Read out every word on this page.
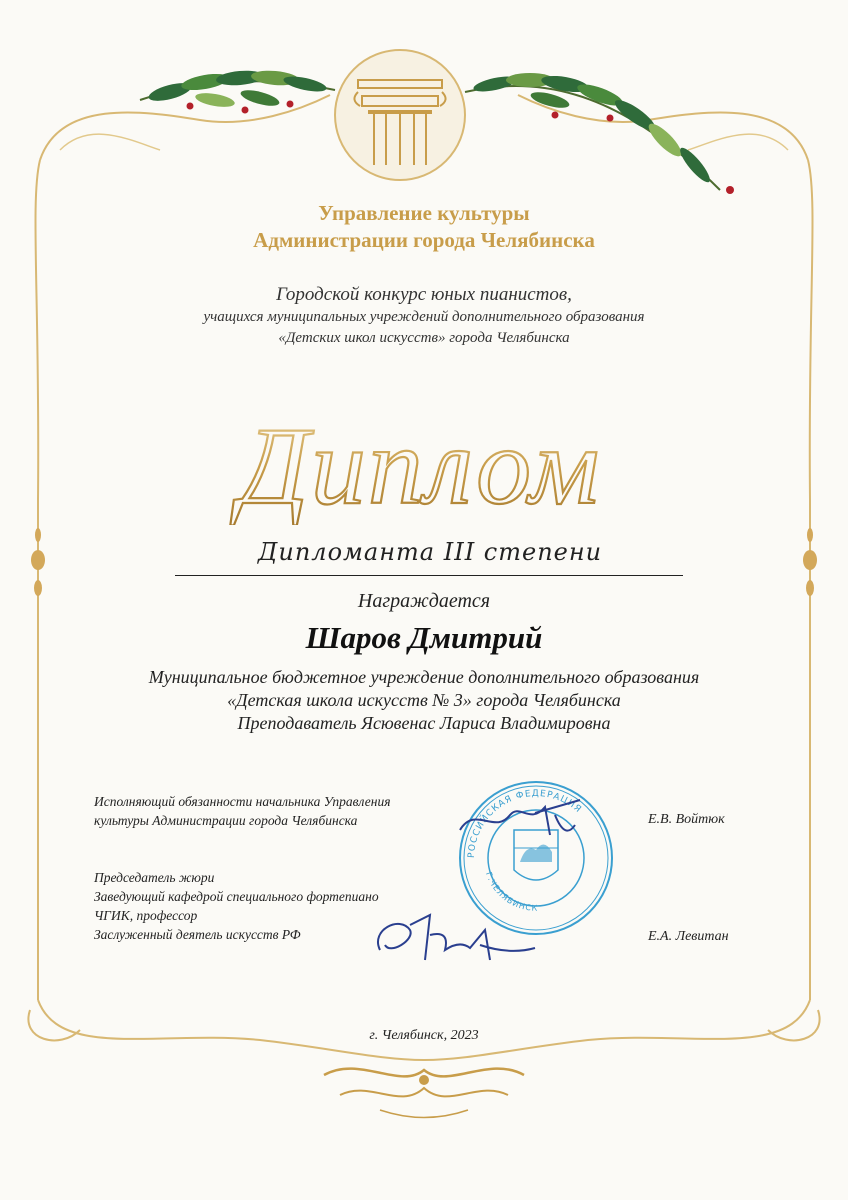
Управление культуры
Администрации города Челябинска
Городской конкурс юных пианистов,
учащихся муниципальных учреждений дополнительного образования
«Детских школ искусств» города Челябинска
Диплом
Дипломанта III степени
Награждается
Шаров Дмитрий
Муниципальное бюджетное учреждение дополнительного образования
«Детская школа искусств № 3» города Челябинска
Преподаватель Ясювенас Лариса Владимировна
Исполняющий обязанности начальника Управления
культуры Администрации города Челябинска	Е.В. Войтюк
Председатель жюри
Заведующий кафедрой специального фортепиано
ЧГИК, профессор
Заслуженный деятель искусств РФ	Е.А. Левитан
РОССИЙСКАЯ ФЕДЕРАЦИЯ
Г.ЧЕЛЯБИНСК
г. Челябинск, 2023
